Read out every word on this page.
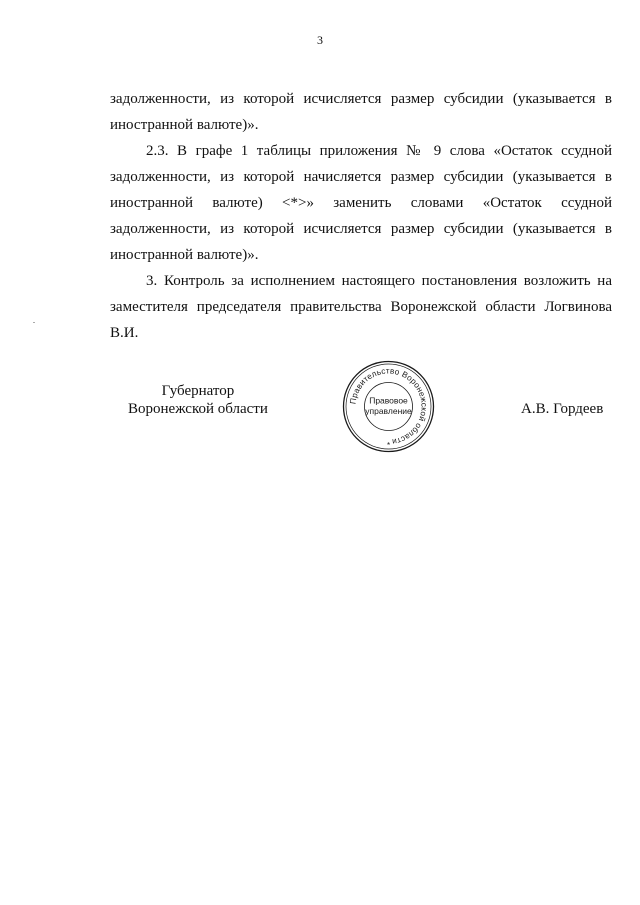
3

задолженности, из которой исчисляется размер субсидии (указывается в иностранной валюте)».

2.3. В графе 1 таблицы приложения № 9 слова «Остаток ссудной задолженности, из которой начисляется размер субсидии (указывается в иностранной валюте) <*>» заменить словами «Остаток ссудной задолженности, из которой исчисляется размер субсидии (указывается в иностранной валюте)».

3. Контроль за исполнением настоящего постановления возложить на заместителя председателя правительства Воронежской области Логвинова В.И.

Губернатор
Воронежской области	Правительство Воронежской области
Правовое
управление
*
А.В. Гордеев
